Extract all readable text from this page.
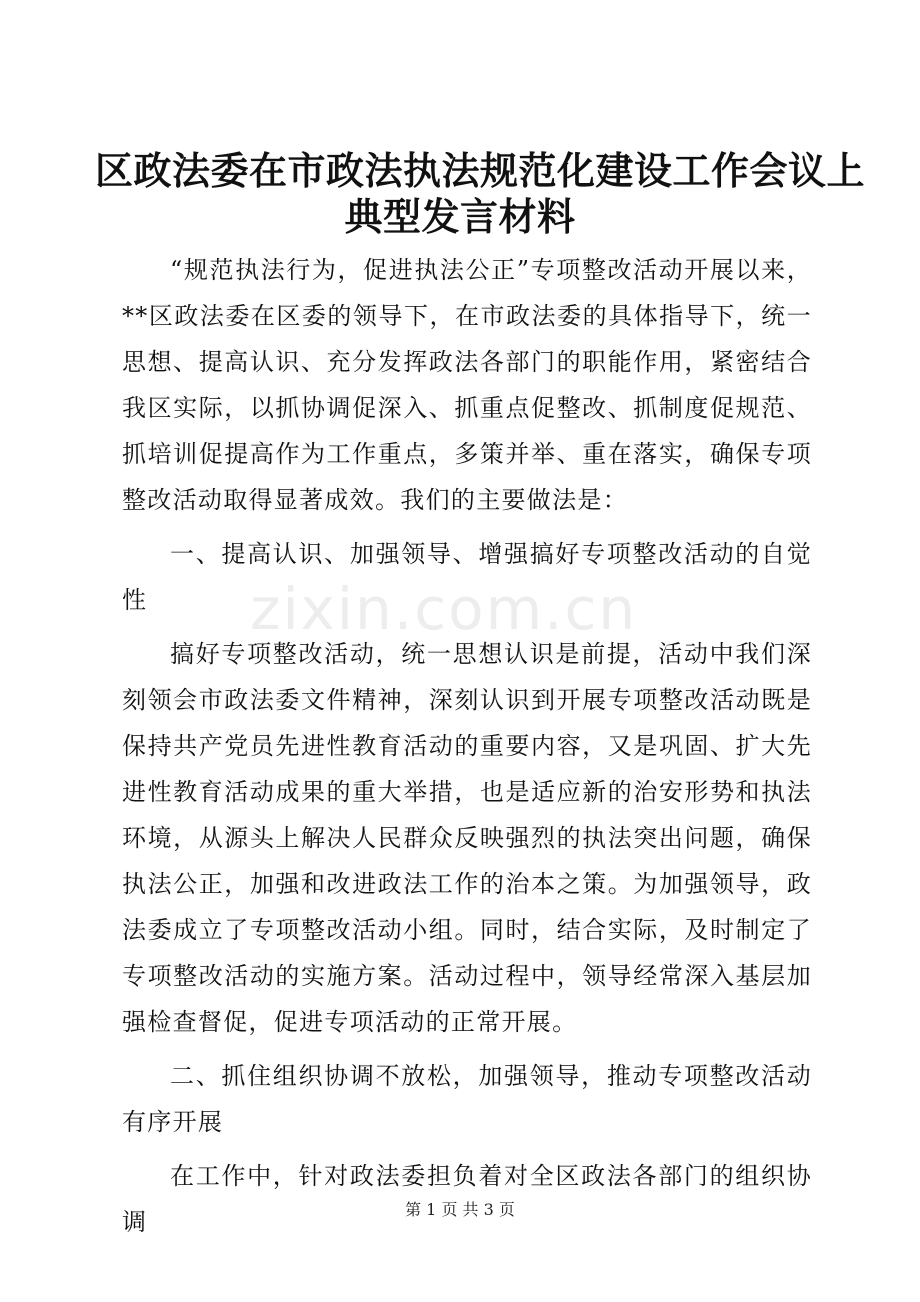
区政法委在市政法执法规范化建设工作会议上
典型发言材料

“规范执法行为，促进执法公正”专项整改活动开展以来，**区政法委在区委的领导下，在市政法委的具体指导下，统一思想、提高认识、充分发挥政法各部门的职能作用，紧密结合我区实际，以抓协调促深入、抓重点促整改、抓制度促规范、抓培训促提高作为工作重点，多策并举、重在落实，确保专项整改活动取得显著成效。我们的主要做法是：

一、提高认识、加强领导、增强搞好专项整改活动的自觉性

搞好专项整改活动，统一思想认识是前提，活动中我们深刻领会市政法委文件精神，深刻认识到开展专项整改活动既是保持共产党员先进性教育活动的重要内容，又是巩固、扩大先进性教育活动成果的重大举措，也是适应新的治安形势和执法环境，从源头上解决人民群众反映强烈的执法突出问题，确保执法公正，加强和改进政法工作的治本之策。为加强领导，政法委成立了专项整改活动小组。同时，结合实际，及时制定了专项整改活动的实施方案。活动过程中，领导经常深入基层加强检查督促，促进专项活动的正常开展。

二、抓住组织协调不放松，加强领导，推动专项整改活动有序开展

在工作中，针对政法委担负着对全区政法各部门的组织协调

zixin.com.cn
第 1 页 共 3 页
